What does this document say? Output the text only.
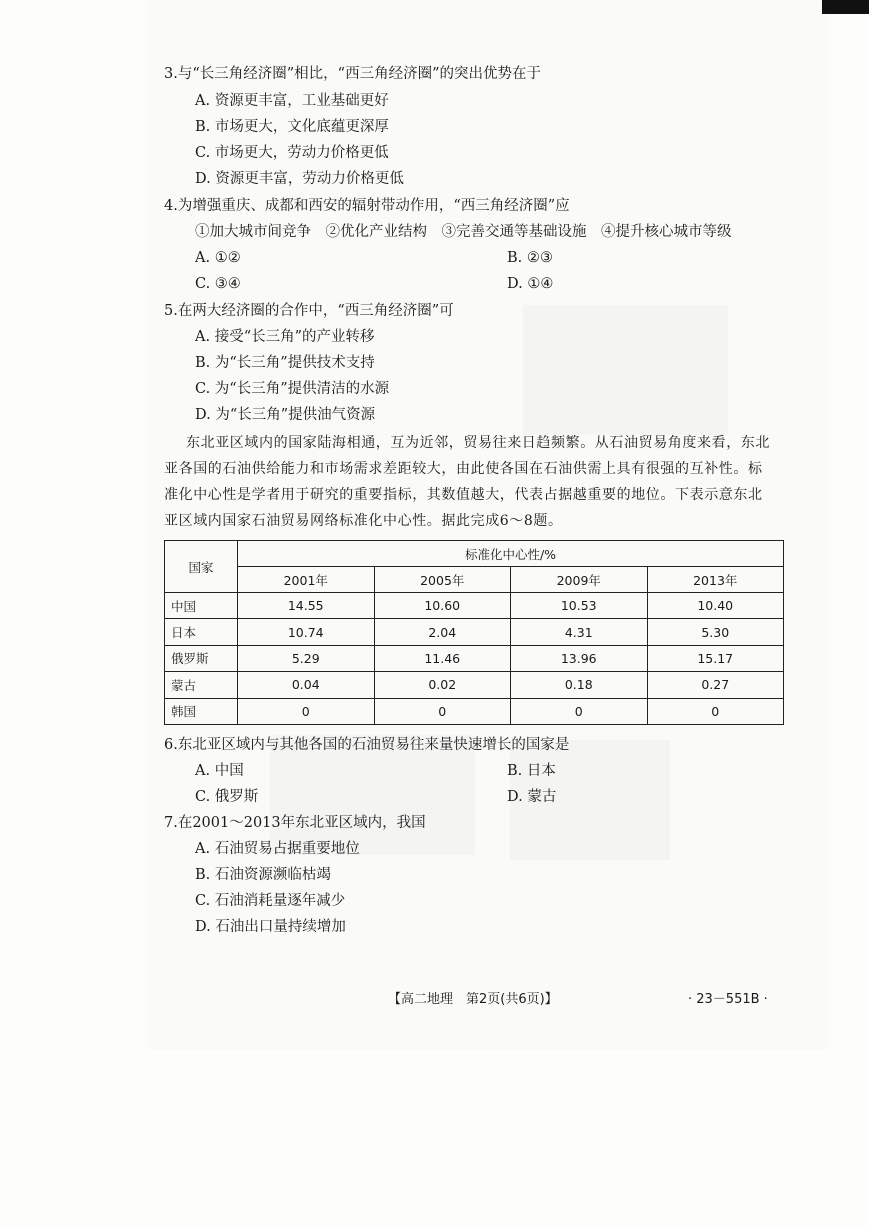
3.与“长三角经济圈”相比，“西三角经济圈”的突出优势在于
A. 资源更丰富，工业基础更好
B. 市场更大，文化底蕴更深厚
C. 市场更大，劳动力价格更低
D. 资源更丰富，劳动力价格更低
4.为增强重庆、成都和西安的辐射带动作用，“西三角经济圈”应
①加大城市间竞争　②优化产业结构　③完善交通等基础设施　④提升核心城市等级
A. ①②	B. ②③
C. ③④	D. ①④
5.在两大经济圈的合作中，“西三角经济圈”可
A. 接受“长三角”的产业转移
B. 为“长三角”提供技术支持
C. 为“长三角”提供清洁的水源
D. 为“长三角”提供油气资源
东北亚区域内的国家陆海相通，互为近邻，贸易往来日趋频繁。从石油贸易角度来看，东北
亚各国的石油供给能力和市场需求差距较大，由此使各国在石油供需上具有很强的互补性。标
准化中心性是学者用于研究的重要指标，其数值越大，代表占据越重要的地位。下表示意东北
亚区域内国家石油贸易网络标准化中心性。据此完成6～8题。
国家	标准化中心性/%			
	2001年	2005年	2009年	2013年
中国	14.55	10.60	10.53	10.40
日本	10.74	2.04	4.31	5.30
俄罗斯	5.29	11.46	13.96	15.17
蒙古	0.04	0.02	0.18	0.27
韩国	0	0	0	0
6.东北亚区域内与其他各国的石油贸易往来量快速增长的国家是
A. 中国	B. 日本
C. 俄罗斯	D. 蒙古
7.在2001～2013年东北亚区域内，我国
A. 石油贸易占据重要地位
B. 石油资源濒临枯竭
C. 石油消耗量逐年减少
D. 石油出口量持续增加
【高二地理　第2页(共6页)】	· 23－551B ·
